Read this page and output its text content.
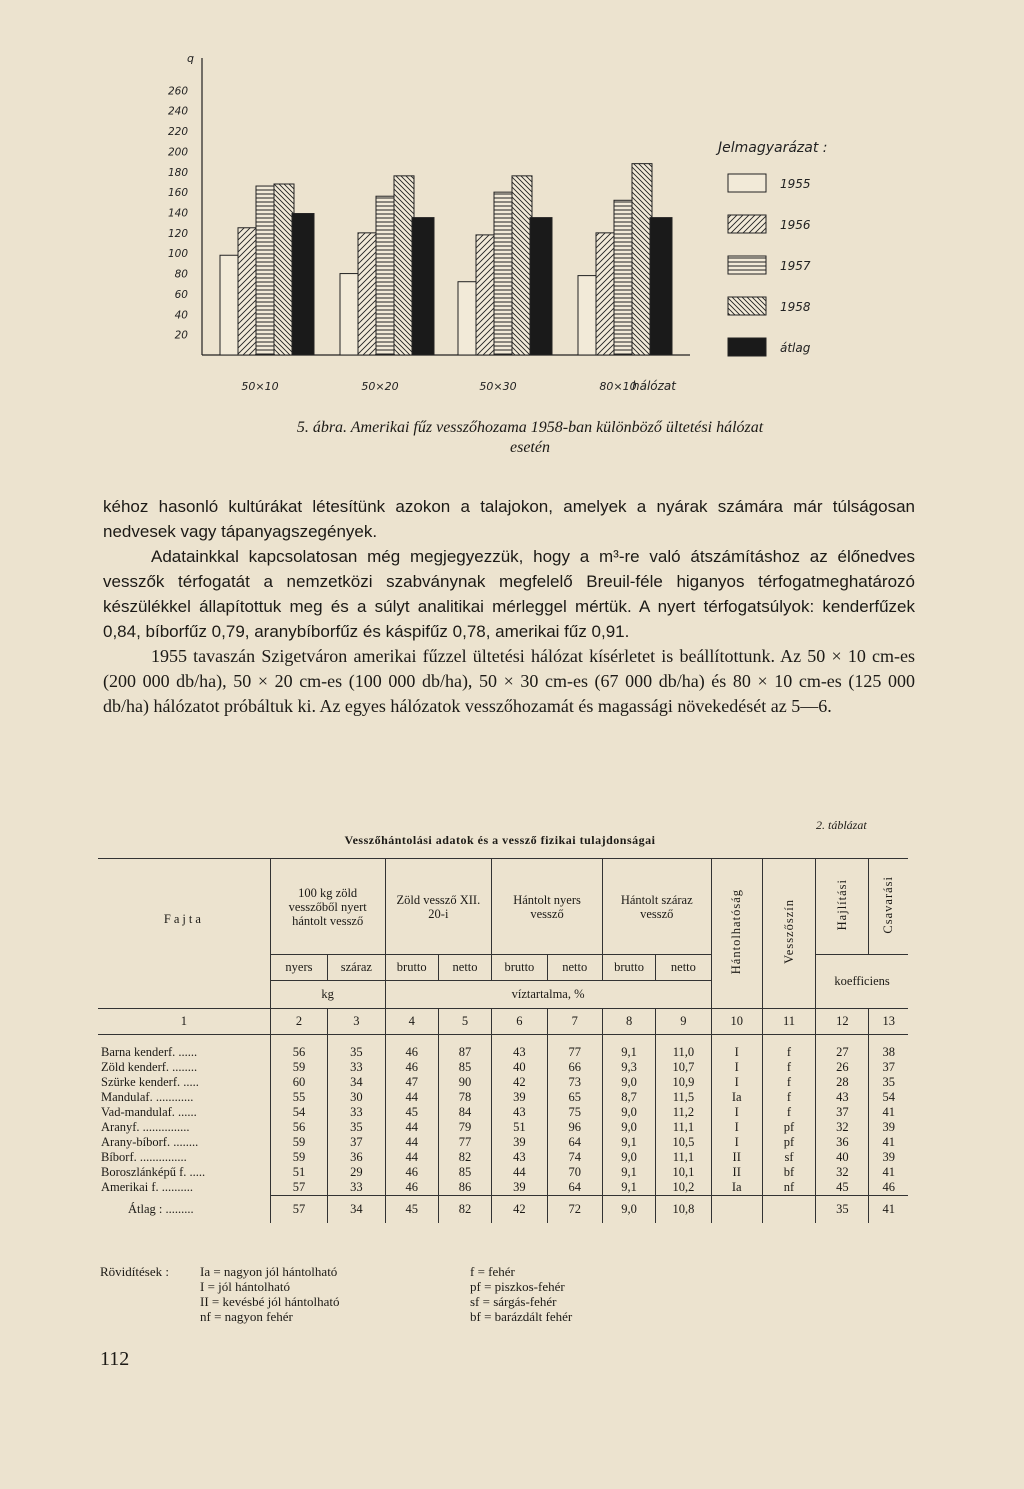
q
260
240
220
200
180
160
140
120
100
80
60
40
20
50×10	50×20	50×30	80×10
hálózat
Jelmagyarázat :
1955
1956
1957
1958
átlag
5. ábra. Amerikai fűz vesszőhozama 1958-ban különböző ültetési hálózat
esetén

kéhoz hasonló kultúrákat létesítünk azokon a talajokon, amelyek a nyárak számára már túlságosan nedvesek vagy tápanyagszegények.

Adatainkkal kapcsolatosan még megjegyezzük, hogy a m³-re való átszámításhoz az élőnedves vesszők térfogatát a nemzetközi szabványnak megfelelő Breuil-féle higanyos térfogatmeghatározó készülékkel állapítottuk meg és a súlyt analitikai mérleggel mértük. A nyert térfogatsúlyok: kenderfűzek 0,84, bíborfűz 0,79, aranybíborfűz és káspifűz 0,78, amerikai fűz 0,91.

1955 tavaszán Szigetváron amerikai fűzzel ültetési hálózat kísérletet is beállítottunk. Az 50 × 10 cm-es (200 000 db/ha), 50 × 20 cm-es (100 000 db/ha), 50 × 30 cm-es (67 000 db/ha) és 80 × 10 cm-es (125 000 db/ha) hálózatot próbáltuk ki. Az egyes hálózatok vesszőhozamát és magassági növekedését az 5—6.

2. táblázat
Vesszőhántolási adatok és a vessző fizikai tulajdonságai
Fajta	100 kg zöld vesszőből nyert hántolt vessző		Zöld vessző XII. 20-i		Hántolt nyers vessző		Hántolt száraz vessző		Hántolhatóság	Vesszőszín	Hajlítási	Csavarási
	nyers	száraz	brutto	netto	brutto	netto	brutto	netto			koefficiens	
	kg		víztartalma, %									
1	2	3	4	5	6	7	8	9	10	11	12	13

Barna kenderf. ......	56	35	46	87	43	77	9,1	11,0	I	f	27	38
Zöld kenderf. ........	59	33	46	85	40	66	9,3	10,7	I	f	26	37
Szürke kenderf. .....	60	34	47	90	42	73	9,0	10,9	I	f	28	35
Mandulaf. ............	55	30	44	78	39	65	8,7	11,5	Ia	f	43	54
Vad-mandulaf. ......	54	33	45	84	43	75	9,0	11,2	I	f	37	41
Aranyf. ...............	56	35	44	79	51	96	9,0	11,1	I	pf	32	39
Arany-bíborf. ........	59	37	44	77	39	64	9,1	10,5	I	pf	36	41
Bíborf. ...............	59	36	44	82	43	74	9,0	11,1	II	sf	40	39
Boroszlánképű f. .....	51	29	46	85	44	70	9,1	10,1	II	bf	32	41
Amerikai f. ..........	57	33	46	86	39	64	9,1	10,2	Ia	nf	45	46
Átlag : .........	57	34	45	82	42	72	9,0	10,8			35	41
Rövidítések : Ia = nagyon jól hántolható
I = jól hántolható
II = kevésbé jól hántolható
nf = nagyon fehér
f = fehér
pf = piszkos-fehér
sf = sárgás-fehér
bf = barázdált fehér
112
